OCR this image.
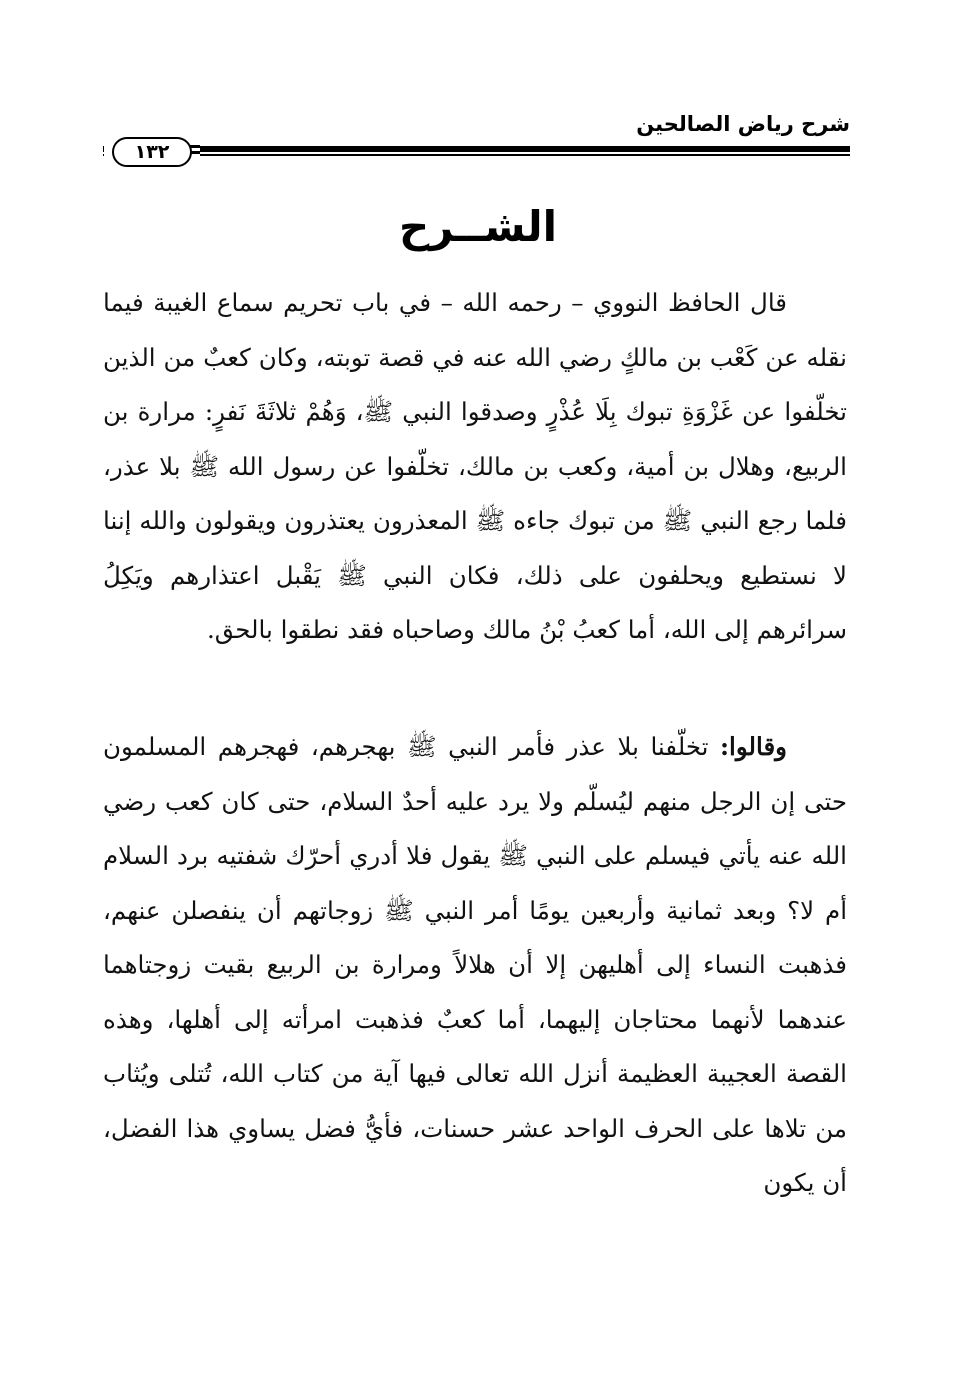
شرح رياض الصالحين
١٣٢
الشــرح

قال الحافظ النووي – رحمه الله – في باب تحريم سماع الغيبة فيما نقله عن كَعْب بن مالكٍ رضي الله عنه في قصة توبته، وكان كعبٌ من الذين تخلّفوا عن غَزْوَةِ تبوك بِلَا عُذْرٍ وصدقوا النبي ﷺ، وَهُمْ ثلاثَةَ نَفرٍ: مرارة بن الربيع، وهلال بن أمية، وكعب بن مالك، تخلّفوا عن رسول الله ﷺ بلا عذر، فلما رجع النبي ﷺ من تبوك جاءه ﷺ المعذرون يعتذرون ويقولون والله إننا لا نستطيع ويحلفون على ذلك، فكان النبي ﷺ يَقْبل اعتذارهم ويَكِلُ سرائرهم إلى الله، أما كعبُ بْنُ مالك وصاحباه فقد نطقوا بالحق.

وقالوا: تخلّفنا بلا عذر فأمر النبي ﷺ بهجرهم، فهجرهم المسلمون حتى إن الرجل منهم ليُسلّم ولا يرد عليه أحدٌ السلام، حتى كان كعب رضي الله عنه يأتي فيسلم على النبي ﷺ يقول فلا أدري أحرّك شفتيه برد السلام أم لا؟ وبعد ثمانية وأربعين يومًا أمر النبي ﷺ زوجاتهم أن ينفصلن عنهم، فذهبت النساء إلى أهليهن إلا أن هلالاً ومرارة بن الربيع بقيت زوجتاهما عندهما لأنهما محتاجان إليهما، أما كعبٌ فذهبت امرأته إلى أهلها، وهذه القصة العجيبة العظيمة أنزل الله تعالى فيها آية من كتاب الله، تُتلى ويُثاب من تلاها على الحرف الواحد عشر حسنات، فأيُّ فضل يساوي هذا الفضل، أن يكون
